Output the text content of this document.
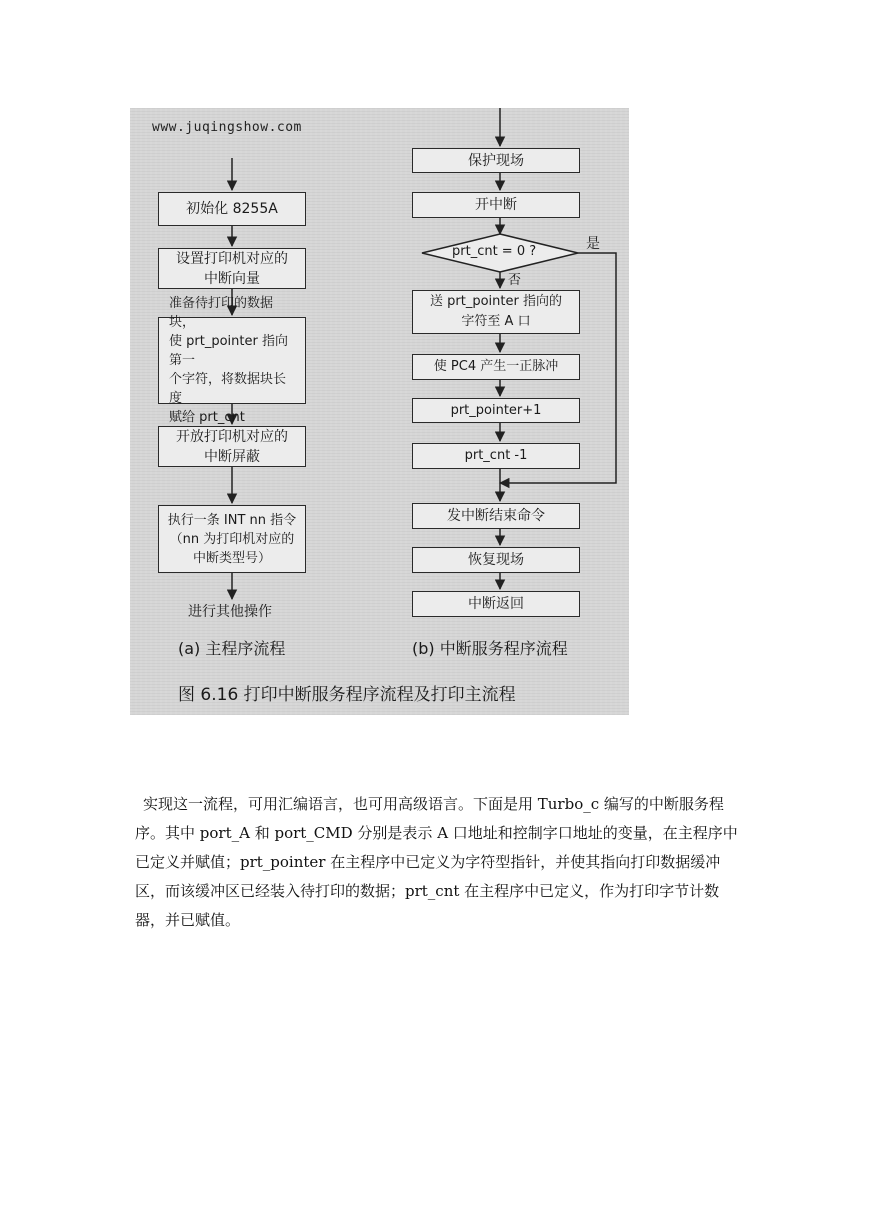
www.juqingshow.com
初始化 8255A
设置打印机对应的
中断向量
准备待打印的数据块，
使 prt_pointer 指向第一
个字符，将数据块长度
赋给 prt_cnt
开放打印机对应的
中断屏蔽
执行一条 INT nn 指令
（nn 为打印机对应的
中断类型号）
进行其他操作
(a) 主程序流程
保护现场
开中断
prt_cnt = 0 ?	是
否
送 prt_pointer 指向的
字符至 A 口
使 PC4 产生一正脉冲
prt_pointer+1
prt_cnt -1
发中断结束命令
恢复现场
中断返回
(b) 中断服务程序流程
图 6.16 打印中断服务程序流程及打印主流程

实现这一流程，可用汇编语言，也可用高级语言。下面是用 Turbo_c 编写的中断服务程序。其中 port_A 和 port_CMD 分别是表示 A 口地址和控制字口地址的变量，在主程序中已定义并赋值；prt_pointer 在主程序中已定义为字符型指针，并使其指向打印数据缓冲区，而该缓冲区已经装入待打印的数据；prt_cnt 在主程序中已定义，作为打印字节计数器，并已赋值。
